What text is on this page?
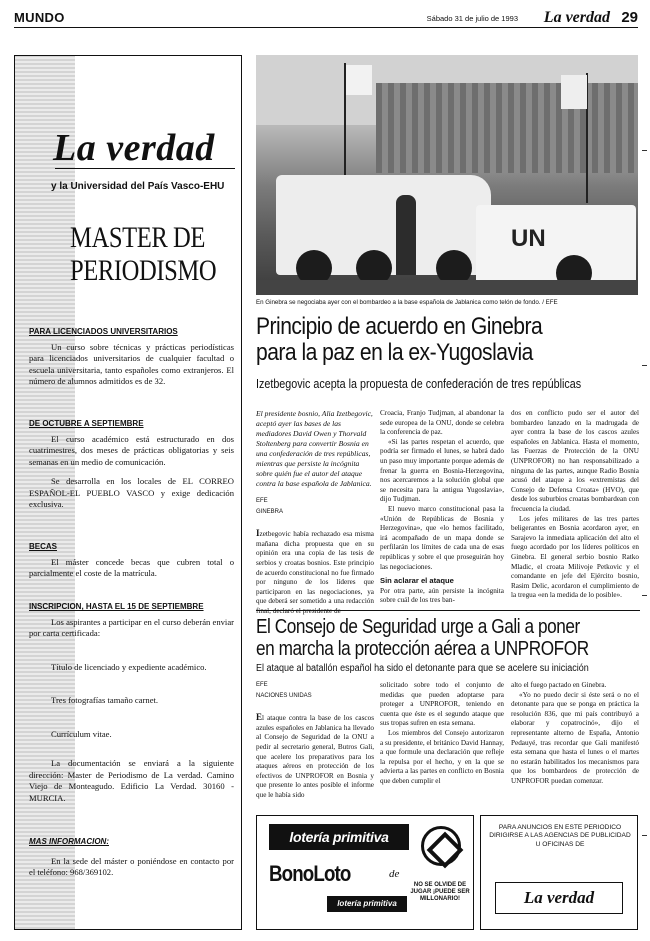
MUNDO	Sábado 31 de julio de 1993 La verdad 29
La verdad
y la Universidad del País Vasco-EHU
MASTER DE
PERIODISMO
PARA LICENCIADOS UNIVERSITARIOS

Un curso sobre técnicas y prácticas periodísticas para licenciados universitarios de cualquier facultad o escuela universitaria, tanto españoles como extranjeros. El número de alumnos admitidos es de 32.

DE OCTUBRE A SEPTIEMBRE

El curso académico está estructurado en dos cuatrimestres, dos meses de prácticas obligatorias y seis semanas en un medio de comunicación.

Se desarrolla en los locales de EL CORREO ESPAÑOL-EL PUEBLO VASCO y exige dedicación exclusiva.

BECAS

El máster concede becas que cubren total o parcialmente el coste de la matrícula.

INSCRIPCION, HASTA EL 15 DE SEPTIEMBRE

Los aspirantes a participar en el curso deberán enviar por carta certificada:

Título de licenciado y expediente académico.

Tres fotografías tamaño carnet.

Currículum vitae.

La documentación se enviará a la siguiente dirección: Master de Periodismo de La verdad. Camino Viejo de Monteagudo. Edificio La Verdad. 30160 - MURCIA.

MAS INFORMACION:

En la sede del máster o poniéndose en contacto por el teléfono: 968/369102.

UN
En Ginebra se negociaba ayer con el bombardeo a la base española de Jablanica como telón de fondo. / EFE
Principio de acuerdo en Ginebra
para la paz en la ex-Yugoslavia
Izetbegovic acepta la propuesta de confederación de tres repúblicas

El presidente bosnio, Alia Izetbegovic, aceptó ayer las bases de las mediadores David Owen y Thorvald Stoltenberg para convertir Bosnia en una confederación de tres repúblicas, mientras que persiste la incógnita sobre quién fue el autor del ataque contra la base española de Jablanica.

EFE

GINEBRA

Izetbegovic había rechazado esa misma mañana dicha propuesta que en su opinión era una copia de las tesis de serbios y croatas bosnios. Este principio de acuerdo constitucional no fue firmado por ninguno de los líderes que participaron en las negociaciones, ya que deberá ser sometido a una redacción final, declaró el presidente de

Croacia, Franjo Tudjman, al abandonar la sede europea de la ONU, donde se celebra la conferencia de paz.

«Si las partes respetan el acuerdo, que podría ser firmado el lunes, se habrá dado un paso muy importante porque además de frenar la guerra en Bosnia-Herzegovina, nos acercaremos a la solución global que se necesita para la antigua Yugoslavia», dijo Tudjman.

El nuevo marco constitucional pasa la «Unión de Repúblicas de Bosnia y Herzegovina», que «lo hemos facilitado, irá acompañado de un mapa donde se perfilarán los límites de cada una de esas repúblicas y sobre el que proseguirán hoy las negociaciones.

Sin aclarar el ataque

Por otra parte, aún persiste la incógnita sobre cuál de los tres ban-

dos en conflicto pudo ser el autor del bombardeo lanzado en la madrugada de ayer contra la base de los cascos azules españoles en Jablanica. Hasta el momento, las Fuerzas de Protección de la ONU (UNPROFOR) no han responsabilizado a ninguna de las partes, aunque Radio Bosnia acusó del ataque a los «extremistas del Consejo de Defensa Croata» (HVO), que desde los suburbios croatas bombardean con frecuencia la ciudad.

Los jefes militares de las tres partes beligerantes en Bosnia acordaron ayer, en Sarajevo la inmediata aplicación del alto el fuego acordado por los líderes políticos en Ginebra. El general serbio bosnio Ratko Mladic, el croata Milivoje Petkovic y el comandante en jefe del Ejército bosnio, Rasim Delic, acordaron el cumplimiento de la tregua «en la medida de lo posible».

El Consejo de Seguridad urge a Gali a poner
en marcha la protección aérea a UNPROFOR
El ataque al batallón español ha sido el detonante para que se acelere su iniciación

EFE

NACIONES UNIDAS

El ataque contra la base de los cascos azules españoles en Jablanica ha llevado al Consejo de Seguridad de la ONU a pedir al secretario general, Butros Gali, que acelere los preparativos para los ataques aéreos en protección de los efectivos de UNPROFOR en Bosnia y que presente lo antes posible el informe que le había sido

solicitado sobre todo el conjunto de medidas que pueden adoptarse para proteger a UNPROFOR, teniendo en cuenta que éste es el segundo ataque que sus tropas sufren en esta semana.

Los miembros del Consejo autorizaron a su presidente, el británico David Hannay, a que formule una declaración que refleje la repulsa por el hecho, y en la que se advierta a las partes en conflicto en Bosnia que deben cumplir el

alto el fuego pactado en Ginebra.

«Yo no puedo decir si éste será o no el detonante para que se ponga en práctica la resolución 836, que mi país contribuyó a elaborar y copatrocinó», dijo el representante alterno de España, Antonio Pedauyé, tras recordar que Gali manifestó esta semana que hasta el lunes o el martes no estarán habilitados los mecanismos para que los bombardeos de protección de UNPROFOR puedan comenzar.

lotería primitiva
BonoLoto	de
lotería primitiva
NO SE OLVIDE DE JUGAR ¡PUEDE SER MILLONARIO!
PARA ANUNCIOS EN ESTE PERIODICO DIRIGIRSE A LAS AGENCIAS DE PUBLICIDAD U OFICINAS DE
La verdad
